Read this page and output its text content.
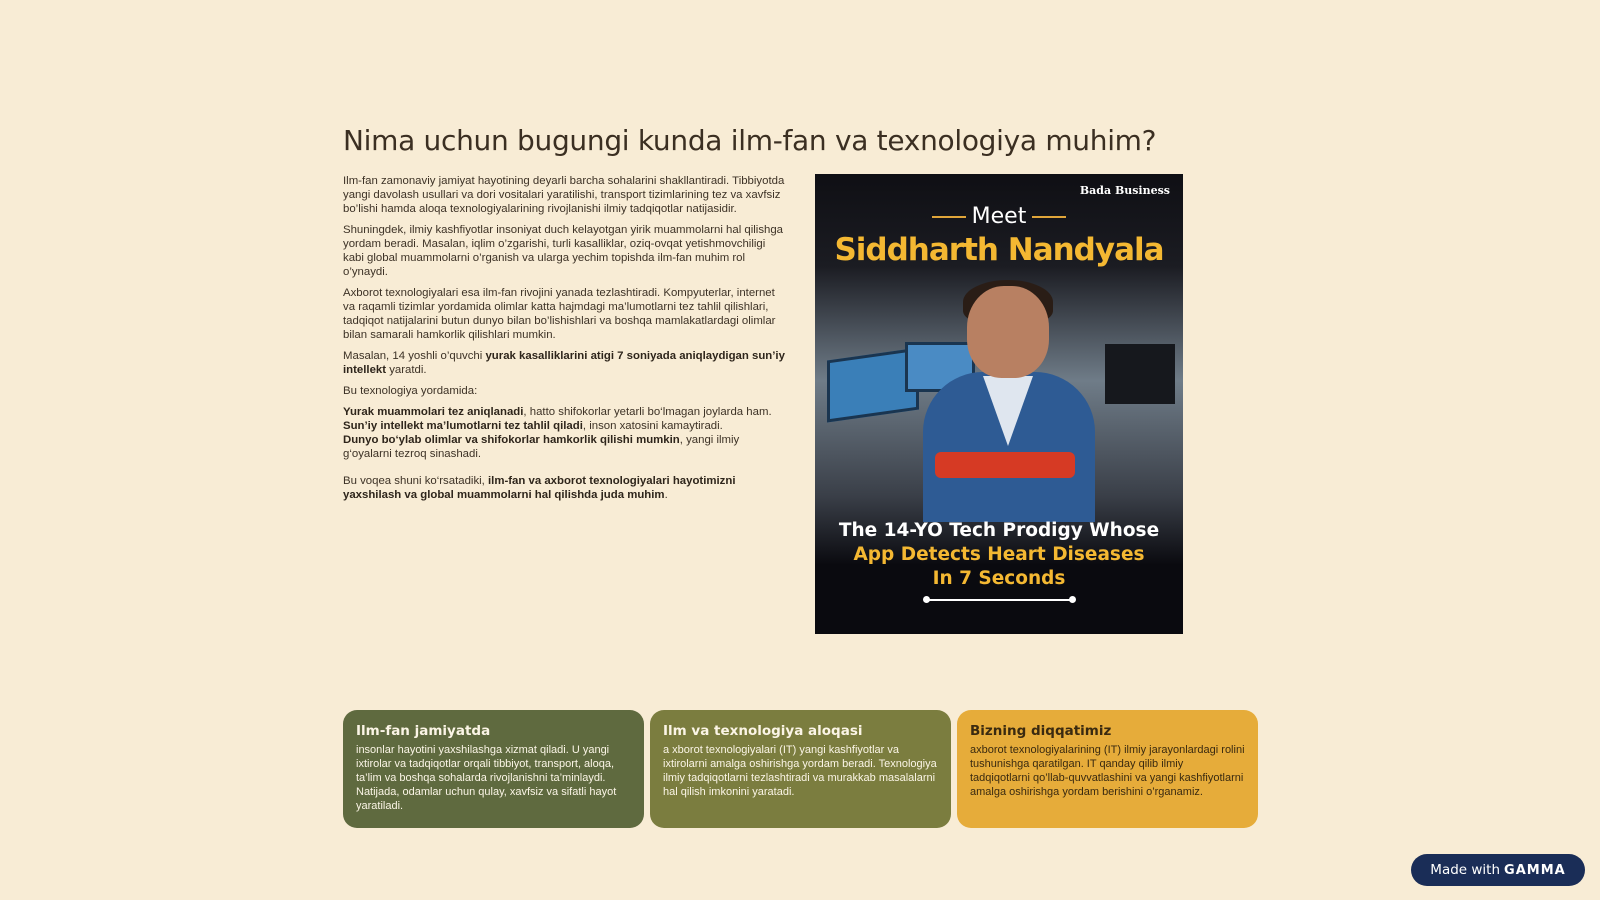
Nima uchun bugungi kunda ilm-fan va texnologiya muhim?

Ilm-fan zamonaviy jamiyat hayotining deyarli barcha sohalarini shakllantiradi. Tibbiyotda yangi davolash usullari va dori vositalari yaratilishi, transport tizimlarining tez va xavfsiz bo’lishi hamda aloqa texnologiyalarining rivojlanishi ilmiy tadqiqotlar natijasidir.

Shuningdek, ilmiy kashfiyotlar insoniyat duch kelayotgan yirik muammolarni hal qilishga yordam beradi. Masalan, iqlim o’zgarishi, turli kasalliklar, oziq-ovqat yetishmovchiligi kabi global muammolarni o’rganish va ularga yechim topishda ilm-fan muhim rol o’ynaydi.

Axborot texnologiyalari esa ilm-fan rivojini yanada tezlashtiradi. Kompyuterlar, internet va raqamli tizimlar yordamida olimlar katta hajmdagi ma’lumotlarni tez tahlil qilishlari, tadqiqot natijalarini butun dunyo bilan bo’lishishlari va boshqa mamlakatlardagi olimlar bilan samarali hamkorlik qilishlari mumkin.

Masalan, 14 yoshli o’quvchi yurak kasalliklarini atigi 7 soniyada aniqlaydigan sun’iy intellekt yaratdi.

Bu texnologiya yordamida:

Yurak muammolari tez aniqlanadi, hatto shifokorlar yetarli bo‘lmagan joylarda ham.

Sun’iy intellekt ma’lumotlarni tez tahlil qiladi, inson xatosini kamaytiradi.

Dunyo bo‘ylab olimlar va shifokorlar hamkorlik qilishi mumkin, yangi ilmiy g‘oyalarni tezroq sinashadi.

Bu voqea shuni ko‘rsatadiki, ilm-fan va axborot texnologiyalari hayotimizni yaxshilash va global muammolarni hal qilishda juda muhim.

Bada Business
Meet
Siddharth Nandyala
The 14-YO Tech Prodigy Whose
App Detects Heart Diseases
In 7 Seconds
Ilm-fan jamiyatda

insonlar hayotini yaxshilashga xizmat qiladi. U yangi ixtirolar va tadqiqotlar orqali tibbiyot, transport, aloqa, ta’lim va boshqa sohalarda rivojlanishni ta’minlaydi. Natijada, odamlar uchun qulay, xavfsiz va sifatli hayot yaratiladi.

Ilm va texnologiya aloqasi

a xborot texnologiyalari (IT) yangi kashfiyotlar va ixtirolarni amalga oshirishga yordam beradi. Texnologiya ilmiy tadqiqotlarni tezlashtiradi va murakkab masalalarni hal qilish imkonini yaratadi.

Bizning diqqatimiz

axborot texnologiyalarining (IT) ilmiy jarayonlardagi rolini tushunishga qaratilgan. IT qanday qilib ilmiy tadqiqotlarni qo’llab-quvvatlashini va yangi kashfiyotlarni amalga oshirishga yordam berishini o’rganamiz.

Made with GAMMA
